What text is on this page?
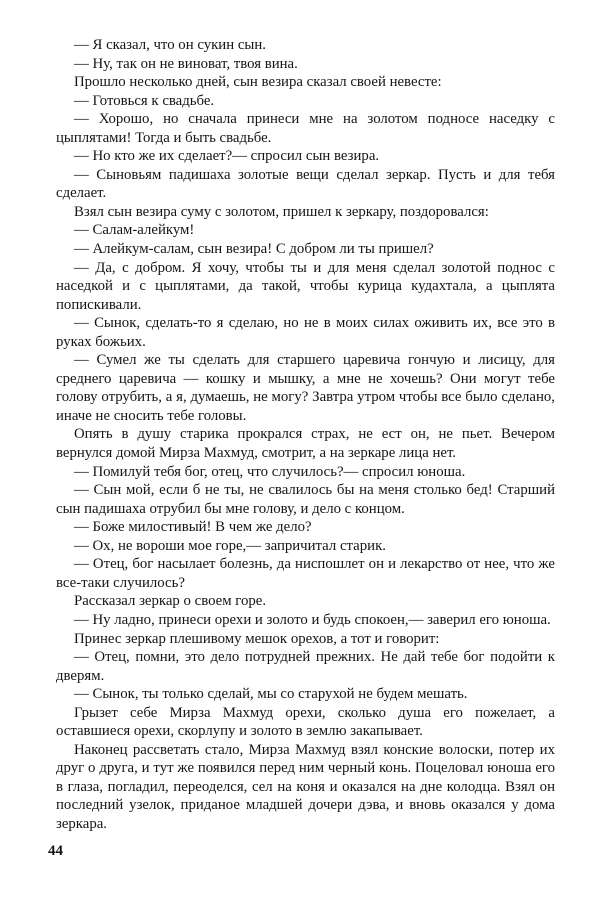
— Я сказал, что он сукин сын.

— Ну, так он не виноват, твоя вина.

Прошло несколько дней, сын везира сказал своей невесте:

— Готовься к свадьбе.

— Хорошо, но сначала принеси мне на золотом подносе наседку с цыплятами! Тогда и быть свадьбе.

— Но кто же их сделает?— спросил сын везира.

— Сыновьям падишаха золотые вещи сделал зеркар. Пусть и для тебя сделает.

Взял сын везира суму с золотом, пришел к зеркару, поздоровался:

— Салам-алейкум!

— Алейкум-салам, сын везира! С добром ли ты пришел?

— Да, с добром. Я хочу, чтобы ты и для меня сделал золотой поднос с наседкой и с цыплятами, да такой, чтобы курица кудахтала, а цыплята попискивали.

— Сынок, сделать-то я сделаю, но не в моих силах оживить их, все это в руках божьих.

— Сумел же ты сделать для старшего царевича гончую и лисицу, для среднего царевича — кошку и мышку, а мне не хочешь? Они могут тебе голову отрубить, а я, думаешь, не могу? Завтра утром чтобы все было сделано, иначе не сносить тебе головы.

Опять в душу старика прокрался страх, не ест он, не пьет. Вечером вернулся домой Мирза Махмуд, смотрит, а на зеркаре лица нет.

— Помилуй тебя бог, отец, что случилось?— спросил юноша.

— Сын мой, если б не ты, не свалилось бы на меня столько бед! Старший сын падишаха отрубил бы мне голову, и дело с концом.

— Боже милостивый! В чем же дело?

— Ох, не вороши мое горе,— запричитал старик.

— Отец, бог насылает болезнь, да ниспошлет он и лекарство от нее, что же все-таки случилось?

Рассказал зеркар о своем горе.

— Ну ладно, принеси орехи и золото и будь спокоен,— заверил его юноша.

Принес зеркар плешивому мешок орехов, а тот и говорит:

— Отец, помни, это дело потрудней прежних. Не дай тебе бог подойти к дверям.

— Сынок, ты только сделай, мы со старухой не будем мешать.

Грызет себе Мирза Махмуд орехи, сколько душа его пожелает, а оставшиеся орехи, скорлупу и золото в землю закапывает.

Наконец рассветать стало, Мирза Махмуд взял конские волоски, потер их друг о друга, и тут же появился перед ним черный конь. Поцеловал юноша его в глаза, погладил, переоделся, сел на коня и оказался на дне колодца. Взял он последний узелок, приданое младшей дочери дэва, и вновь оказался у дома зеркара.

44
